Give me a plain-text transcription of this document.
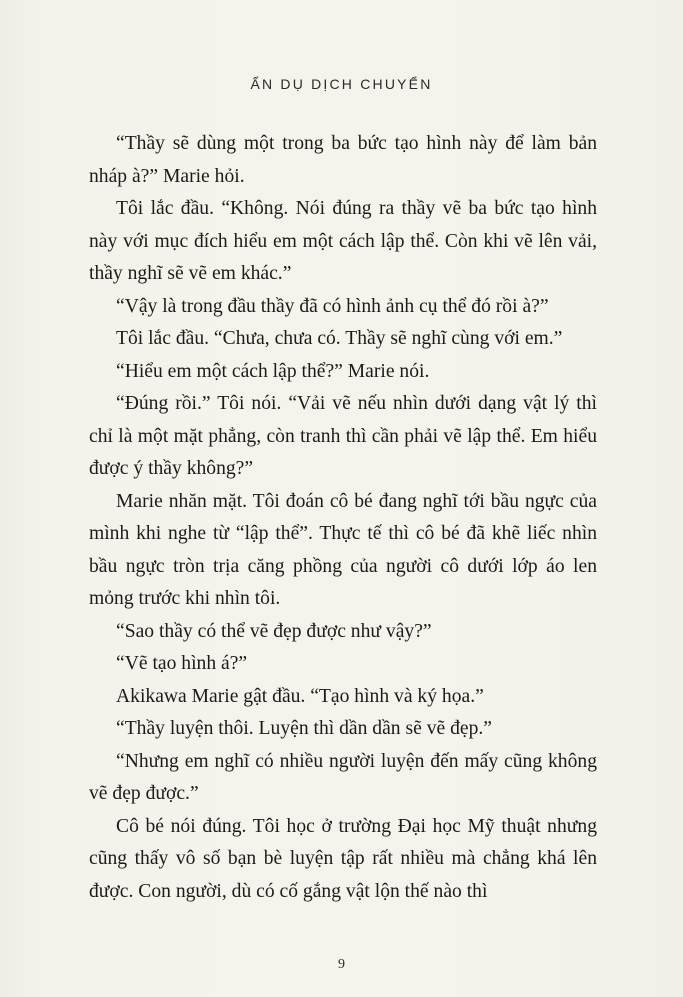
ẨN DỤ DỊCH CHUYỂN

“Thầy sẽ dùng một trong ba bức tạo hình này để làm bản nháp à?” Marie hỏi.

Tôi lắc đầu. “Không. Nói đúng ra thầy vẽ ba bức tạo hình này với mục đích hiểu em một cách lập thể. Còn khi vẽ lên vải, thầy nghĩ sẽ vẽ em khác.”

“Vậy là trong đầu thầy đã có hình ảnh cụ thể đó rồi à?”

Tôi lắc đầu. “Chưa, chưa có. Thầy sẽ nghĩ cùng với em.”

“Hiểu em một cách lập thể?” Marie nói.

“Đúng rồi.” Tôi nói. “Vải vẽ nếu nhìn dưới dạng vật lý thì chỉ là một mặt phẳng, còn tranh thì cần phải vẽ lập thể. Em hiểu được ý thầy không?”

Marie nhăn mặt. Tôi đoán cô bé đang nghĩ tới bầu ngực của mình khi nghe từ “lập thể”. Thực tế thì cô bé đã khẽ liếc nhìn bầu ngực tròn trịa căng phồng của người cô dưới lớp áo len mỏng trước khi nhìn tôi.

“Sao thầy có thể vẽ đẹp được như vậy?”

“Vẽ tạo hình á?”

Akikawa Marie gật đầu. “Tạo hình và ký họa.”

“Thầy luyện thôi. Luyện thì dần dần sẽ vẽ đẹp.”

“Nhưng em nghĩ có nhiều người luyện đến mấy cũng không vẽ đẹp được.”

Cô bé nói đúng. Tôi học ở trường Đại học Mỹ thuật nhưng cũng thấy vô số bạn bè luyện tập rất nhiều mà chẳng khá lên được. Con người, dù có cố gắng vật lộn thế nào thì

9
